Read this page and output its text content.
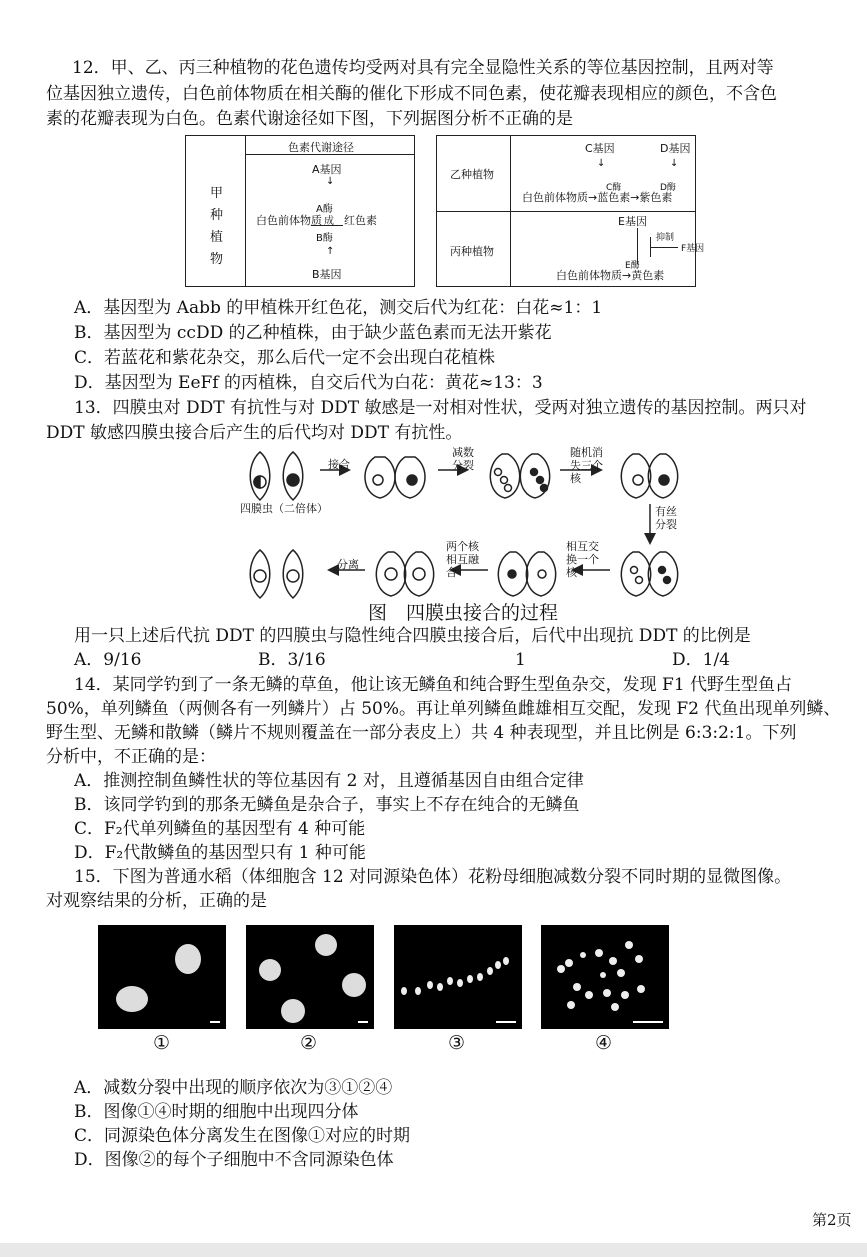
12．甲、乙、丙三种植物的花色遗传均受两对具有完全显隐性关系的等位基因控制，且两对等
位基因独立遗传，白色前体物质在相关酶的催化下形成不同色素，使花瓣表现相应的颜色，不含色
素的花瓣表现为白色。色素代谢途径如下图，下列据图分析不正确的是
色素代谢途径
甲种植物
A基因
↓
A酶
白色前体物质 成 红色素
B酶
↑
B基因
乙种植物
C基因	D基因
↓	↓
白色前体物质→蓝色素→紫色素
C酶	D酶
丙种植物
E基因
抑制
F基因
白色前体物质→黄色素
E酶
A．基因型为 Aabb 的甲植株开红色花，测交后代为红花：白花≈1：1
B．基因型为 ccDD 的乙种植株，由于缺少蓝色素而无法开紫花
C．若蓝花和紫花杂交，那么后代一定不会出现白花植株
D．基因型为 EeFf 的丙植株，自交后代为白花：黄花≈13：3
13．四膜虫对 DDT 有抗性与对 DDT 敏感是一对相对性状，受两对独立遗传的基因控制。两只对
DDT 敏感四膜虫接合后产生的后代均对 DDT 有抗性。
四膜虫（二倍体）
接合
减数分裂
随机消失三个核
有丝分裂
相互交换一个核
两个核相互融合
分离
图　四膜虫接合的过程
用一只上述后代抗 DDT 的四膜虫与隐性纯合四膜虫接合后，后代中出现抗 DDT 的比例是
A．9/16	B．3/16	1	D．1/4
14．某同学钓到了一条无鳞的草鱼，他让该无鳞鱼和纯合野生型鱼杂交，发现 F1 代野生型鱼占
50%，单列鳞鱼（两侧各有一列鳞片）占 50%。再让单列鳞鱼雌雄相互交配，发现 F2 代鱼出现单列鳞、
野生型、无鳞和散鳞（鳞片不规则覆盖在一部分表皮上）共 4 种表现型，并且比例是 6:3:2:1。下列
分析中，不正确的是：
A．推测控制鱼鳞性状的等位基因有 2 对，且遵循基因自由组合定律
B．该同学钓到的那条无鳞鱼是杂合子，事实上不存在纯合的无鳞鱼
C．F₂代单列鳞鱼的基因型有 4 种可能
D．F₂代散鳞鱼的基因型只有 1 种可能
15．下图为普通水稻（体细胞含 12 对同源染色体）花粉母细胞减数分裂不同时期的显微图像。
对观察结果的分析，正确的是
①	②	③	④
A．减数分裂中出现的顺序依次为③①②④
B．图像①④时期的细胞中出现四分体
C．同源染色体分离发生在图像①对应的时期
D．图像②的每个子细胞中不含同源染色体
第2页
